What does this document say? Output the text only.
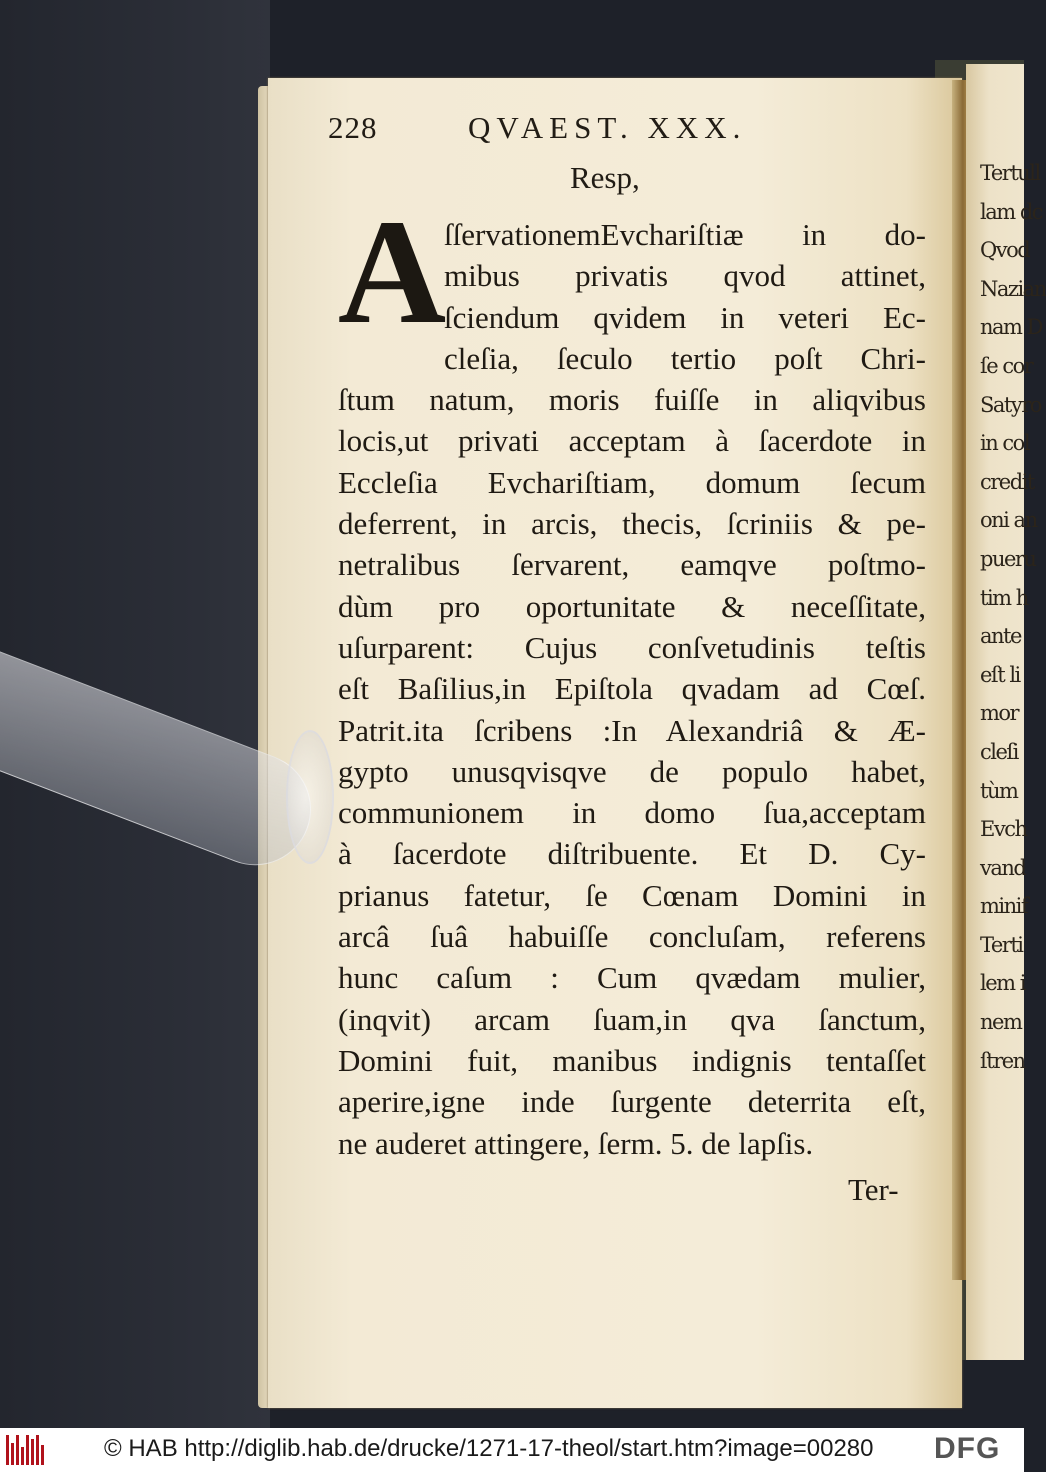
Tertull
lam dc
Qvod
Nazian
nam D
ſe cor
Satyro
in col
credit
oni an
pueru
tim h
ante
eſt li
mor
cleſi
tùm
Evch
vand
minif
Terti
lem i
nem
ſtren
228	QVAEST. XXX.
Resp,
A
ſſervationemEvchariſtiæ in do-
mibus privatis qvod attinet,
ſciendum qvidem in veteri Ec-
cleſia, ſeculo tertio poſt Chri-
ſtum natum, moris fuiſſe in aliqvibus
locis,ut privati acceptam à ſacerdote in
Eccleſia Evchariſtiam, domum ſecum
deferrent, in arcis, thecis, ſcriniis & pe-
netralibus ſervarent, eamqve poſtmo-
dùm pro oportunitate & neceſſitate,
uſurparent: Cujus conſvetudinis teſtis
eſt Baſilius,in Epiſtola qvadam ad Cœſ.
Patrit.ita ſcribens :In Alexandriâ & Æ-
gypto unusqvisqve de populo habet,
communionem in domo ſua,acceptam
à ſacerdote diſtribuente. Et D. Cy-
prianus fatetur, ſe Cœnam Domini in
arcâ ſuâ habuiſſe concluſam, referens
hunc caſum : Cum qvædam mulier,
(inqvit) arcam ſuam,in qva ſanctum,
Domini fuit, manibus indignis tentaſſet
aperire,igne inde ſurgente deterrita eſt,
ne auderet attingere, ſerm. 5. de lapſis.
Ter-
© HAB http://diglib.hab.de/drucke/1271-17-theol/start.htm?image=00280 DFG
